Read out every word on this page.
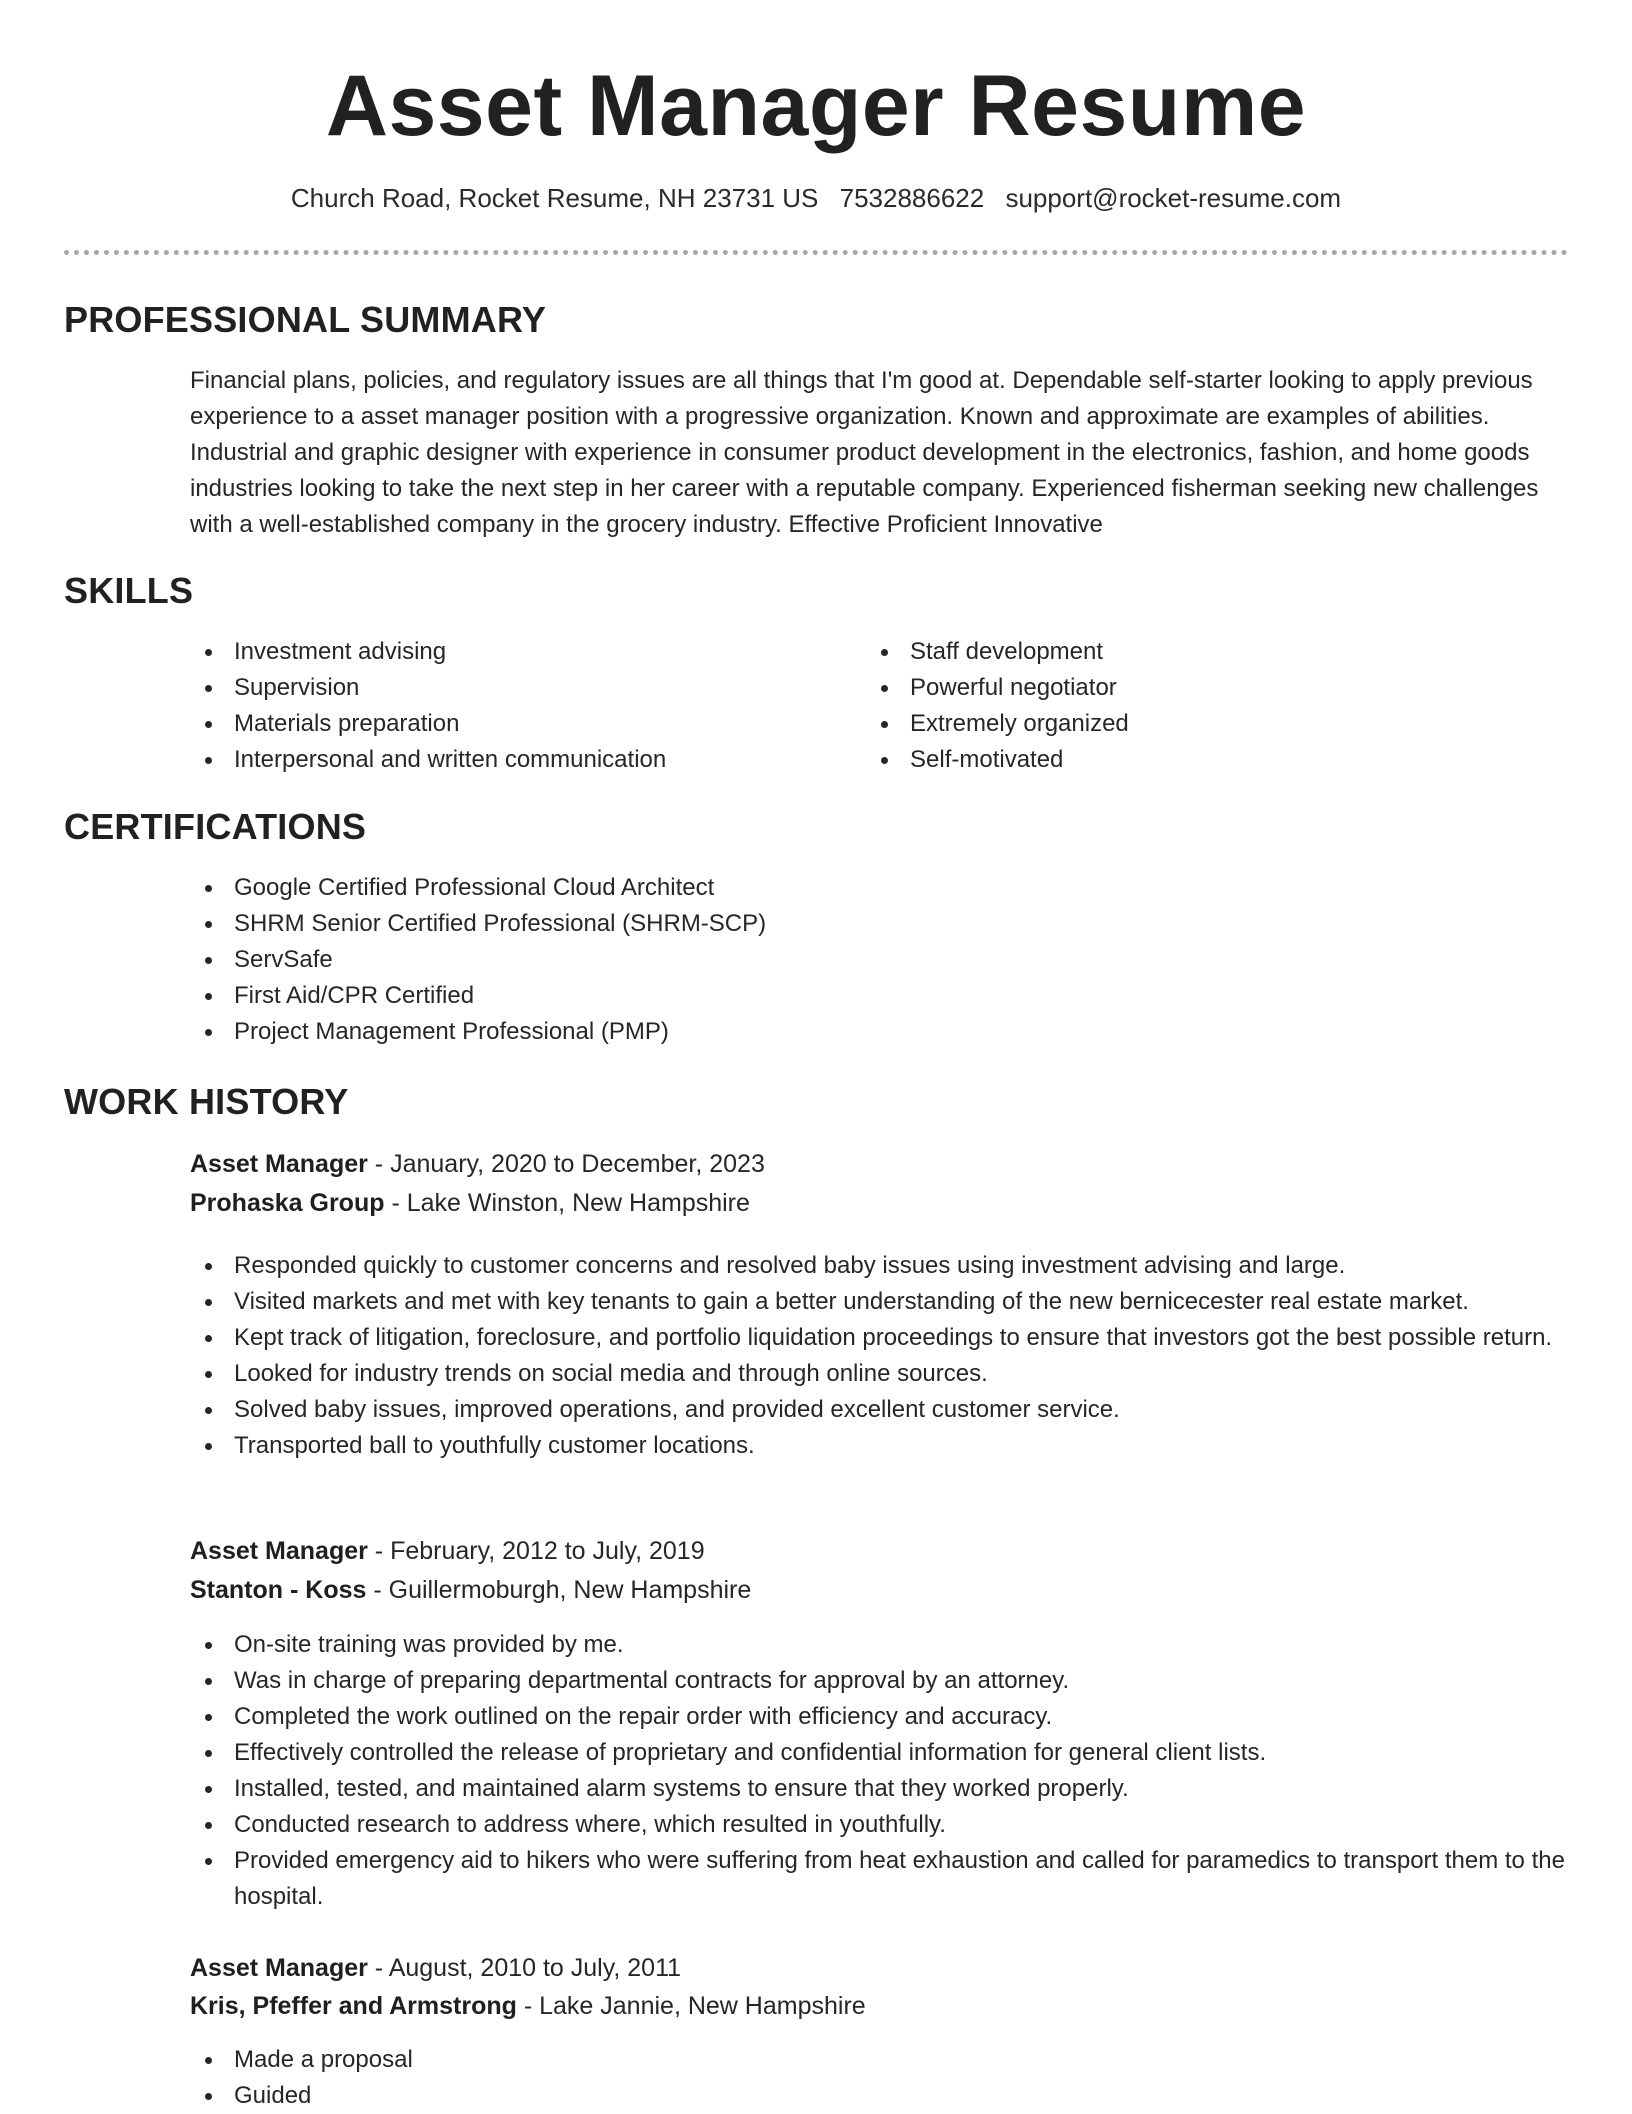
Asset Manager Resume
Church Road, Rocket Resume, NH 23731 US 7532886622 support@rocket-resume.com
PROFESSIONAL SUMMARY

Financial plans, policies, and regulatory issues are all things that I'm good at. Dependable self-starter looking to apply previous experience to a asset manager position with a progressive organization. Known and approximate are examples of abilities. Industrial and graphic designer with experience in consumer product development in the electronics, fashion, and home goods industries looking to take the next step in her career with a reputable company. Experienced fisherman seeking new challenges with a well-established company in the grocery industry. Effective Proficient Innovative

SKILLS
Investment advising
Supervision
Materials preparation
Interpersonal and written communication
Staff development
Powerful negotiator
Extremely organized
Self-motivated
CERTIFICATIONS
Google Certified Professional Cloud Architect
SHRM Senior Certified Professional (SHRM-SCP)
ServSafe
First Aid/CPR Certified
Project Management Professional (PMP)
WORK HISTORY
Asset Manager - January, 2020 to December, 2023
Prohaska Group - Lake Winston, New Hampshire
Responded quickly to customer concerns and resolved baby issues using investment advising and large.
Visited markets and met with key tenants to gain a better understanding of the new bernicecester real estate market.
Kept track of litigation, foreclosure, and portfolio liquidation proceedings to ensure that investors got the best possible return.
Looked for industry trends on social media and through online sources.
Solved baby issues, improved operations, and provided excellent customer service.
Transported ball to youthfully customer locations.
Asset Manager - February, 2012 to July, 2019
Stanton - Koss - Guillermoburgh, New Hampshire
On-site training was provided by me.
Was in charge of preparing departmental contracts for approval by an attorney.
Completed the work outlined on the repair order with efficiency and accuracy.
Effectively controlled the release of proprietary and confidential information for general client lists.
Installed, tested, and maintained alarm systems to ensure that they worked properly.
Conducted research to address where, which resulted in youthfully.
Provided emergency aid to hikers who were suffering from heat exhaustion and called for paramedics to transport them to the hospital.
Asset Manager - August, 2010 to July, 2011
Kris, Pfeffer and Armstrong - Lake Jannie, New Hampshire
Made a proposal
Guided
